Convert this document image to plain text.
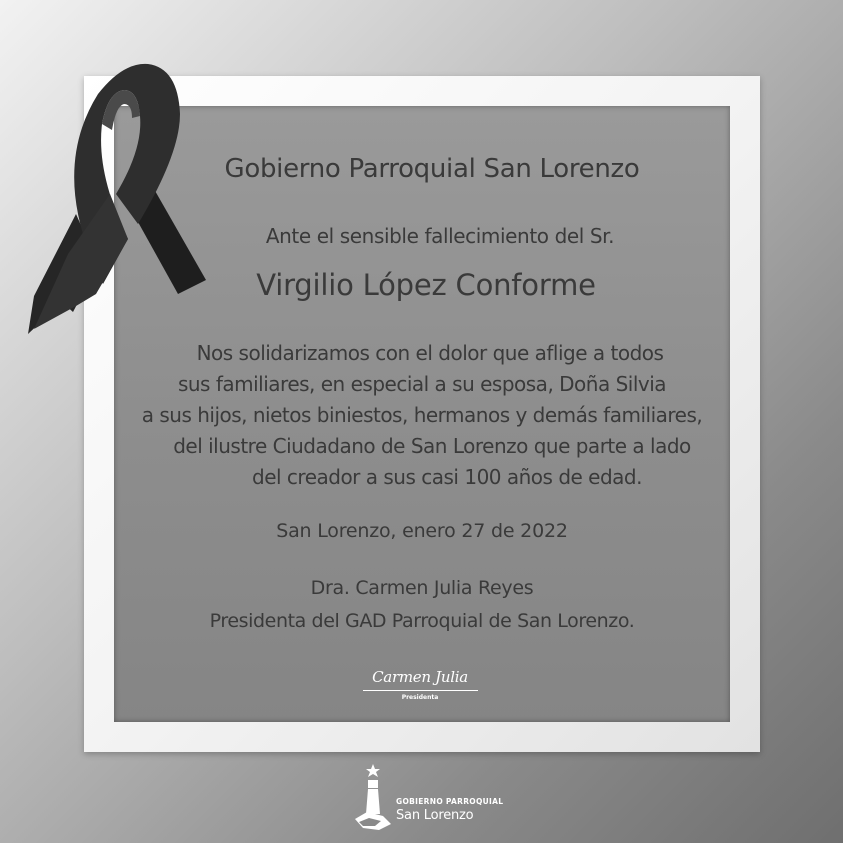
Gobierno Parroquial San Lorenzo
Ante el sensible fallecimiento del Sr.
Virgilio López Conforme
Nos solidarizamos con el dolor que aflige a todos
sus familiares, en especial a su esposa, Doña Silvia
a sus hijos, nietos biniestos, hermanos y demás familiares,
del ilustre Ciudadano de San Lorenzo que parte a lado
del creador a sus casi 100 años de edad.
San Lorenzo, enero 27 de 2022
Dra. Carmen Julia Reyes
Presidenta del GAD Parroquial de San Lorenzo.
Carmen Julia
Presidenta
GOBIERNO PARROQUIAL
San Lorenzo
